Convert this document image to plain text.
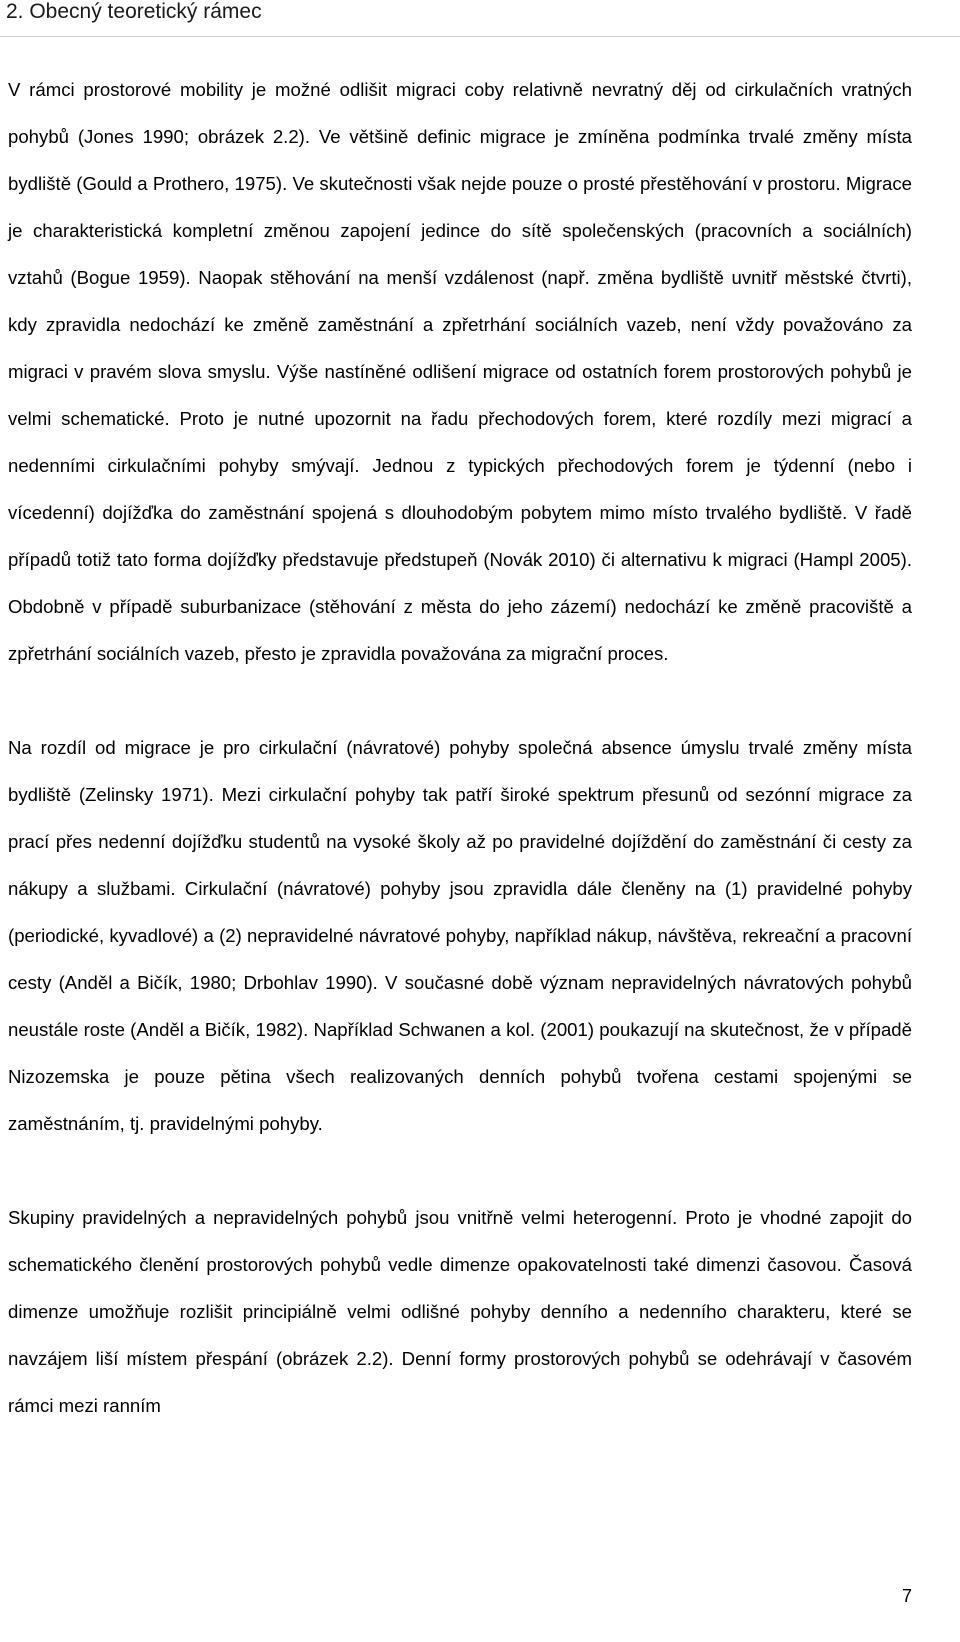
2. Obecný teoretický rámec

V rámci prostorové mobility je možné odlišit migraci coby relativně nevratný děj od cirkulačních vratných pohybů (Jones 1990; obrázek 2.2). Ve většině definic migrace je zmíněna podmínka trvalé změny místa bydliště (Gould a Prothero, 1975). Ve skutečnosti však nejde pouze o prosté přestěhování v prostoru. Migrace je charakteristická kompletní změnou zapojení jedince do sítě společenských (pracovních a sociálních) vztahů (Bogue 1959). Naopak stěhování na menší vzdálenost (např. změna bydliště uvnitř městské čtvrti), kdy zpravidla nedochází ke změně zaměstnání a zpřetrhání sociálních vazeb, není vždy považováno za migraci v pravém slova smyslu. Výše nastíněné odlišení migrace od ostatních forem prostorových pohybů je velmi schematické. Proto je nutné upozornit na řadu přechodových forem, které rozdíly mezi migrací a nedenními cirkulačními pohyby smývají. Jednou z typických přechodových forem je týdenní (nebo i vícedenní) dojížďka do zaměstnání spojená s dlouhodobým pobytem mimo místo trvalého bydliště. V řadě případů totiž tato forma dojížďky představuje předstupeň (Novák 2010) či alternativu k migraci (Hampl 2005). Obdobně v případě suburbanizace (stěhování z města do jeho zázemí) nedochází ke změně pracoviště a zpřetrhání sociálních vazeb, přesto je zpravidla považována za migrační proces.

Na rozdíl od migrace je pro cirkulační (návratové) pohyby společná absence úmyslu trvalé změny místa bydliště (Zelinsky 1971). Mezi cirkulační pohyby tak patří široké spektrum přesunů od sezónní migrace za prací přes nedenní dojížďku studentů na vysoké školy až po pravidelné dojíždění do zaměstnání či cesty za nákupy a službami. Cirkulační (návratové) pohyby jsou zpravidla dále členěny na (1) pravidelné pohyby (periodické, kyvadlové) a (2) nepravidelné návratové pohyby, například nákup, návštěva, rekreační a pracovní cesty (Anděl a Bičík, 1980; Drbohlav 1990). V současné době význam nepravidelných návratových pohybů neustále roste (Anděl a Bičík, 1982). Například Schwanen a kol. (2001) poukazují na skutečnost, že v případě Nizozemska je pouze pětina všech realizovaných denních pohybů tvořena cestami spojenými se zaměstnáním, tj. pravidelnými pohyby.

Skupiny pravidelných a nepravidelných pohybů jsou vnitřně velmi heterogenní. Proto je vhodné zapojit do schematického členění prostorových pohybů vedle dimenze opakovatelnosti také dimenzi časovou. Časová dimenze umožňuje rozlišit principiálně velmi odlišné pohyby denního a nedenního charakteru, které se navzájem liší místem přespání (obrázek 2.2). Denní formy prostorových pohybů se odehrávají v časovém rámci mezi ranním

7
